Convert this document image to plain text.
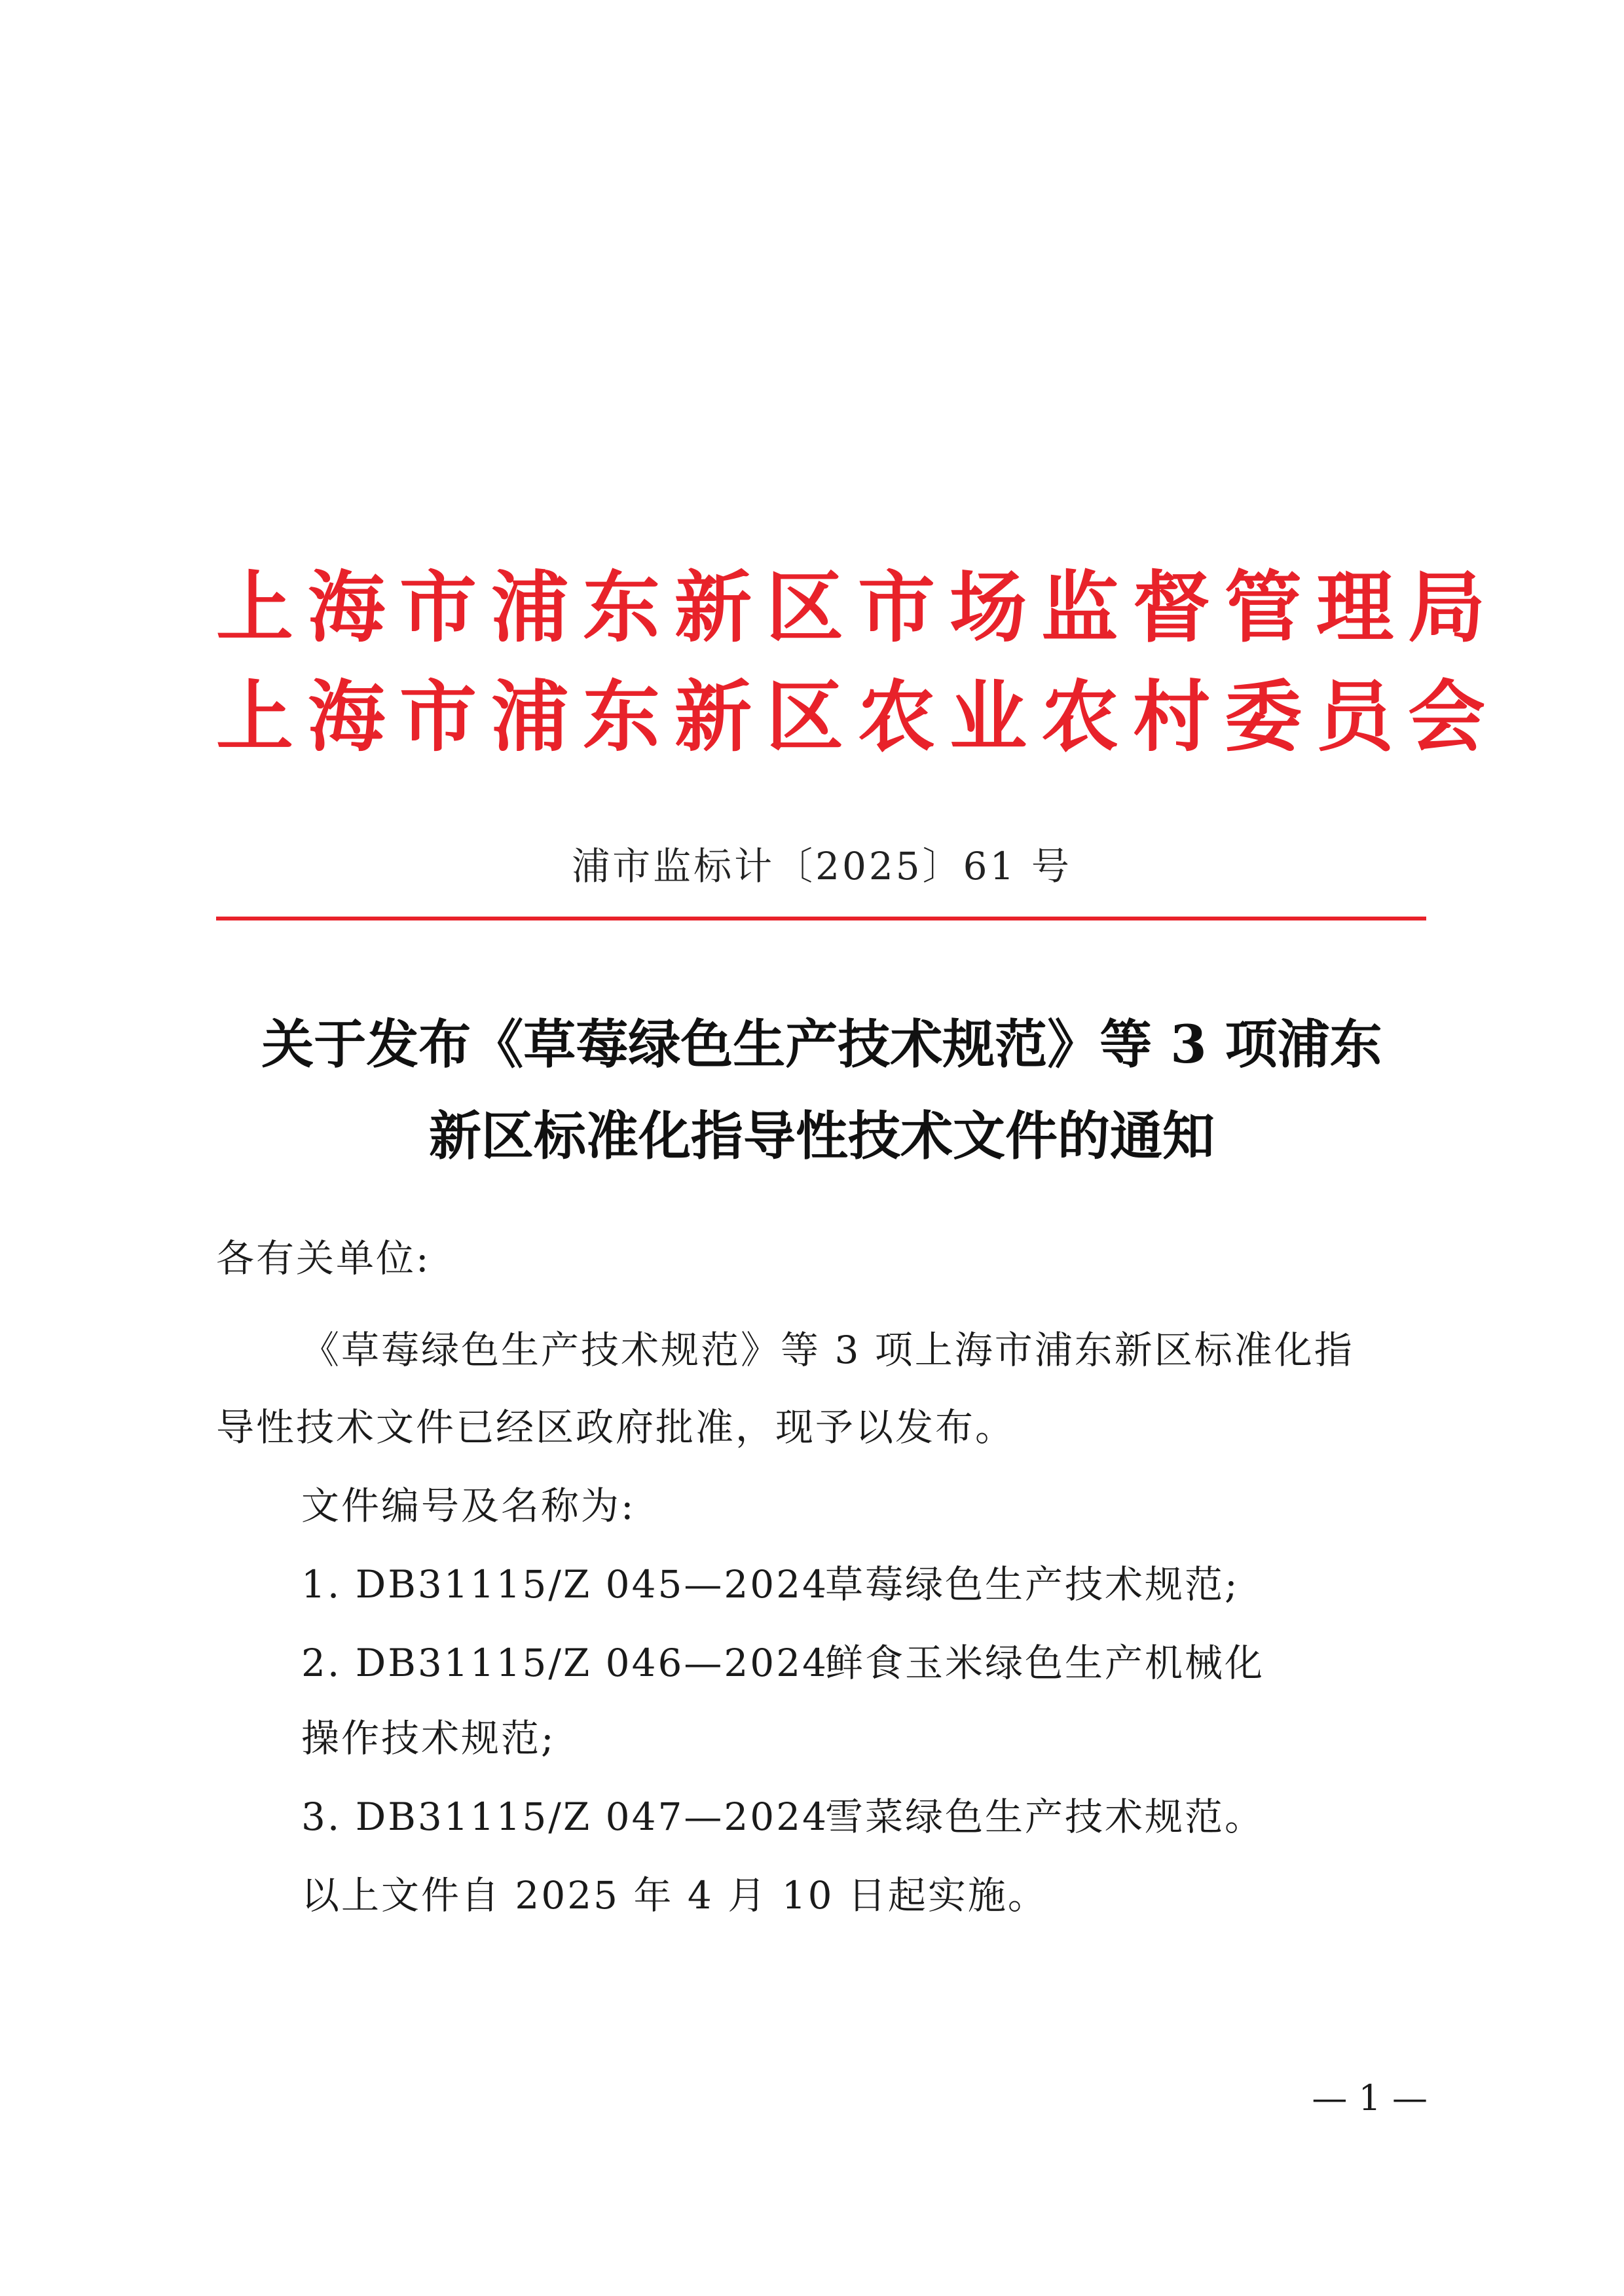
上海市浦东新区市场监督管理局
上海市浦东新区农业农村委员会
浦市监标计〔2025〕61 号
关于发布《草莓绿色生产技术规范》等 3 项浦东
新区标准化指导性技术文件的通知
各有关单位:
《草莓绿色生产技术规范》等 3 项上海市浦东新区标准化指
导性技术文件已经区政府批准，现予以发布。
文件编号及名称为:
1. DB31115/Z 045—2024草莓绿色生产技术规范;
2. DB31115/Z 046—2024鲜食玉米绿色生产机械化
操作技术规范;
3. DB31115/Z 047—2024雪菜绿色生产技术规范。
以上文件自 2025 年 4 月 10 日起实施。
— 1 —
